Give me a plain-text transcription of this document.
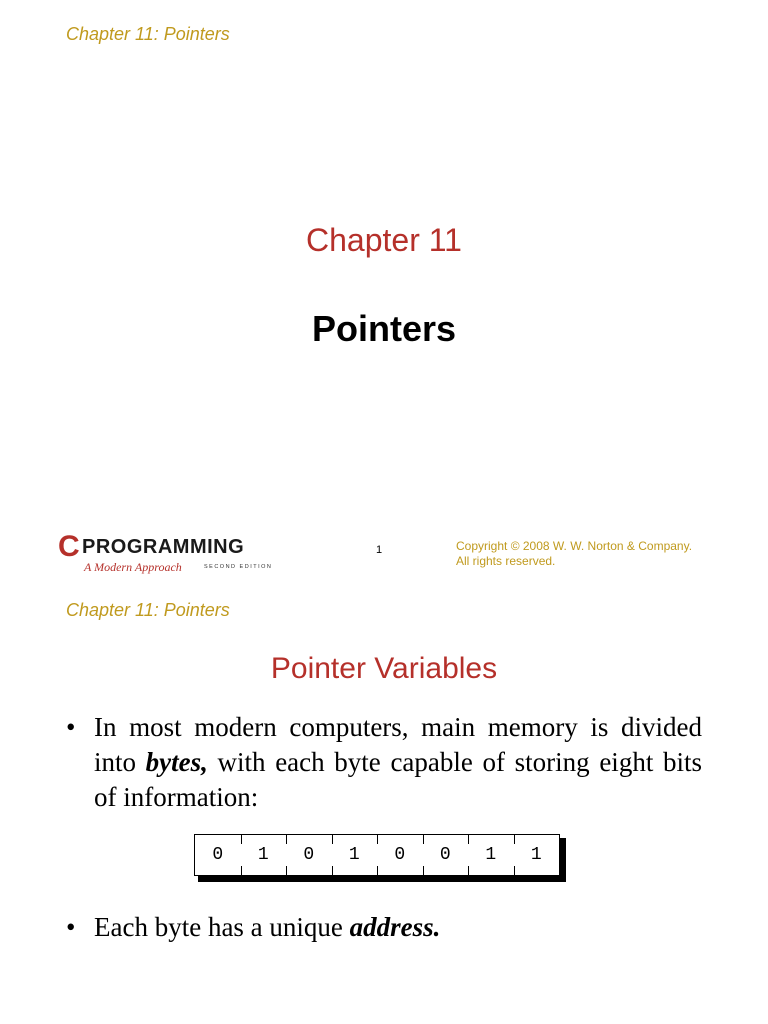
Chapter 11: Pointers

Chapter 11
Pointers
C PROGRAMMING
A Modern Approach	SECOND EDITION
1	Copyright © 2008 W. W. Norton & Company.
All rights reserved.

Chapter 11: Pointers

Pointer Variables
• In most modern computers, main memory is divided into bytes, with each byte capable of storing eight bits of information:
0	1	0	1	0	0	1	1
• Each byte has a unique address.
